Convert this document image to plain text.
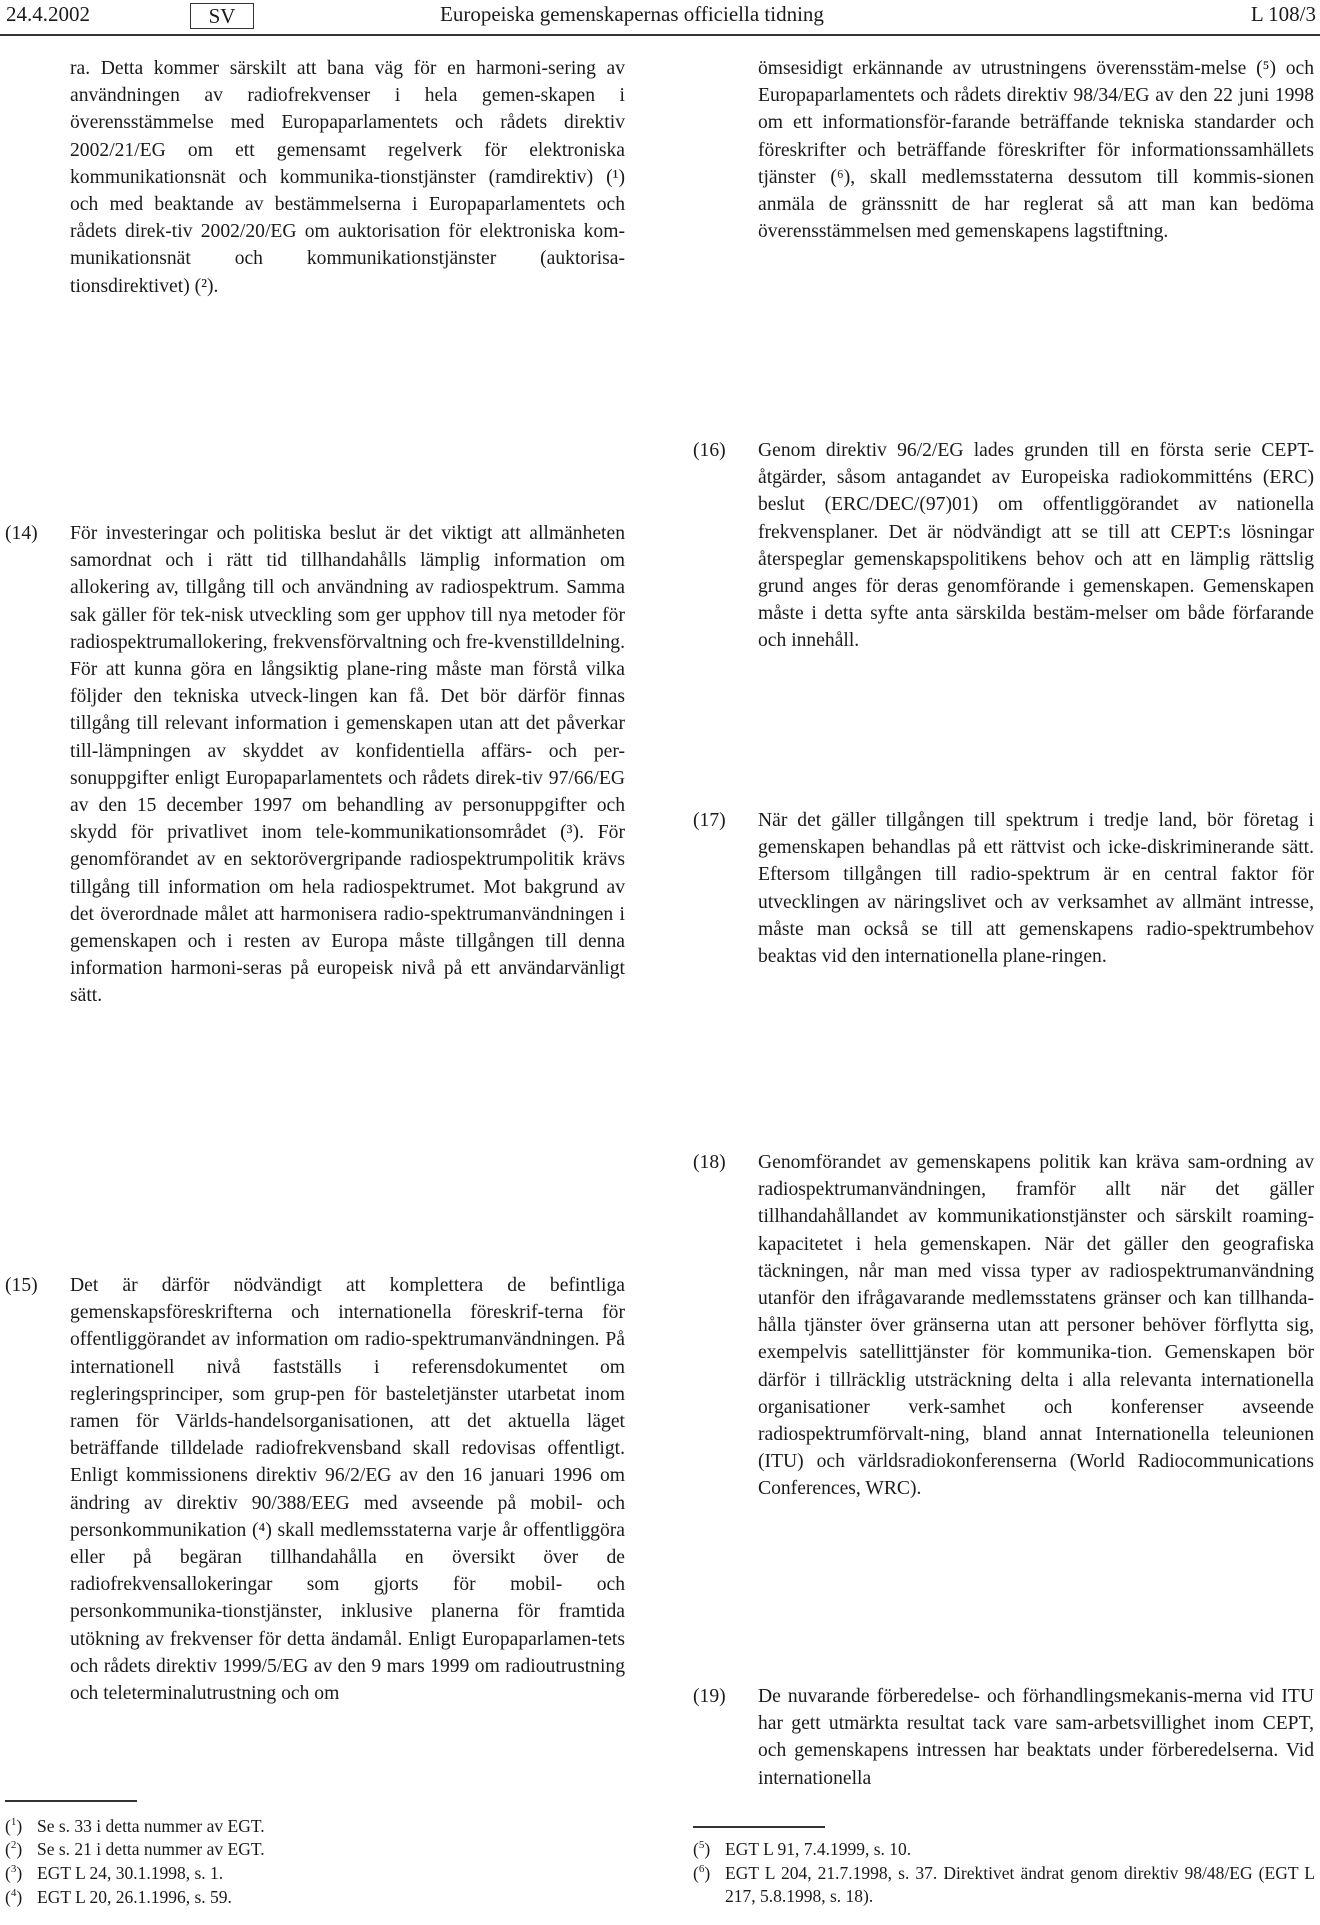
24.4.2002	SV	Europeiska gemenskapernas officiella tidning	L 108/3
ra. Detta kommer särskilt att bana väg för en harmoni-sering av användningen av radiofrekvenser i hela gemen-skapen i överensstämmelse med Europaparlamentets och rådets direktiv 2002/21/EG om ett gemensamt regelverk för elektroniska kommunikationsnät och kommunika-tionstjänster (ramdirektiv) (¹) och med beaktande av bestämmelserna i Europaparlamentets och rådets direk-tiv 2002/20/EG om auktorisation för elektroniska kom-munikationsnät och kommunikationstjänster (auktorisa-tionsdirektivet) (²).
ömsesidigt erkännande av utrustningens överensstäm-melse (⁵) och Europaparlamentets och rådets direktiv 98/34/EG av den 22 juni 1998 om ett informationsför-farande beträffande tekniska standarder och föreskrifter och beträffande föreskrifter för informationssamhällets tjänster (⁶), skall medlemsstaterna dessutom till kommis-sionen anmäla de gränssnitt de har reglerat så att man kan bedöma överensstämmelsen med gemenskapens lagstiftning.
(14) För investeringar och politiska beslut är det viktigt att allmänheten samordnat och i rätt tid tillhandahålls lämplig information om allokering av, tillgång till och användning av radiospektrum. Samma sak gäller för tek-nisk utveckling som ger upphov till nya metoder för radiospektrumallokering, frekvensförvaltning och fre-kvenstilldelning. För att kunna göra en långsiktig plane-ring måste man förstå vilka följder den tekniska utveck-lingen kan få. Det bör därför finnas tillgång till relevant information i gemenskapen utan att det påverkar till-lämpningen av skyddet av konfidentiella affärs- och per-sonuppgifter enligt Europaparlamentets och rådets direk-tiv 97/66/EG av den 15 december 1997 om behandling av personuppgifter och skydd för privatlivet inom tele-kommunikationsområdet (³). För genomförandet av en sektorövergripande radiospektrumpolitik krävs tillgång till information om hela radiospektrumet. Mot bakgrund av det överordnade målet att harmonisera radio-spektrumanvändningen i gemenskapen och i resten av Europa måste tillgången till denna information harmoni-seras på europeisk nivå på ett användarvänligt sätt.
(15) Det är därför nödvändigt att komplettera de befintliga gemenskapsföreskrifterna och internationella föreskrif-terna för offentliggörandet av information om radio-spektrumanvändningen. På internationell nivå fastställs i referensdokumentet om regleringsprinciper, som grup-pen för basteletjänster utarbetat inom ramen för Världs-handelsorganisationen, att det aktuella läget beträffande tilldelade radiofrekvensband skall redovisas offentligt. Enligt kommissionens direktiv 96/2/EG av den 16 januari 1996 om ändring av direktiv 90/388/EEG med avseende på mobil- och personkommunikation (⁴) skall medlemsstaterna varje år offentliggöra eller på begäran tillhandahålla en översikt över de radiofrekvensallokeringar som gjorts för mobil- och personkommunika-tionstjänster, inklusive planerna för framtida utökning av frekvenser för detta ändamål. Enligt Europaparlamen-tets och rådets direktiv 1999/5/EG av den 9 mars 1999 om radioutrustning och teleterminalutrustning och om
(16) Genom direktiv 96/2/EG lades grunden till en första serie CEPT-åtgärder, såsom antagandet av Europeiska radiokommitténs (ERC) beslut (ERC/DEC/(97)01) om offentliggörandet av nationella frekvensplaner. Det är nödvändigt att se till att CEPT:s lösningar återspeglar gemenskapspolitikens behov och att en lämplig rättslig grund anges för deras genomförande i gemenskapen. Gemenskapen måste i detta syfte anta särskilda bestäm-melser om både förfarande och innehåll.
(17) När det gäller tillgången till spektrum i tredje land, bör företag i gemenskapen behandlas på ett rättvist och icke-diskriminerande sätt. Eftersom tillgången till radio-spektrum är en central faktor för utvecklingen av näringslivet och av verksamhet av allmänt intresse, måste man också se till att gemenskapens radio-spektrumbehov beaktas vid den internationella plane-ringen.
(18) Genomförandet av gemenskapens politik kan kräva sam-ordning av radiospektrumanvändningen, framför allt när det gäller tillhandahållandet av kommunikationstjänster och särskilt roaming-kapacitetet i hela gemenskapen. När det gäller den geografiska täckningen, når man med vissa typer av radiospektrumanvändning utanför den ifrågavarande medlemsstatens gränser och kan tillhanda-hålla tjänster över gränserna utan att personer behöver förflytta sig, exempelvis satellittjänster för kommunika-tion. Gemenskapen bör därför i tillräcklig utsträckning delta i alla relevanta internationella organisationer verk-samhet och konferenser avseende radiospektrumförvalt-ning, bland annat Internationella teleunionen (ITU) och världsradiokonferenserna (World Radiocommunications Conferences, WRC).
(19) De nuvarande förberedelse- och förhandlingsmekanis-merna vid ITU har gett utmärkta resultat tack vare sam-arbetsvillighet inom CEPT, och gemenskapens intressen har beaktats under förberedelserna. Vid internationella
($^1$) Se s. 33 i detta nummer av EGT.
($^2$) Se s. 21 i detta nummer av EGT.
($^3$) EGT L 24, 30.1.1998, s. 1.
($^4$) EGT L 20, 26.1.1996, s. 59.
($^5$) EGT L 91, 7.4.1999, s. 10.
($^6$) EGT L 204, 21.7.1998, s. 37. Direktivet ändrat genom direktiv 98/48/EG (EGT L 217, 5.8.1998, s. 18).
